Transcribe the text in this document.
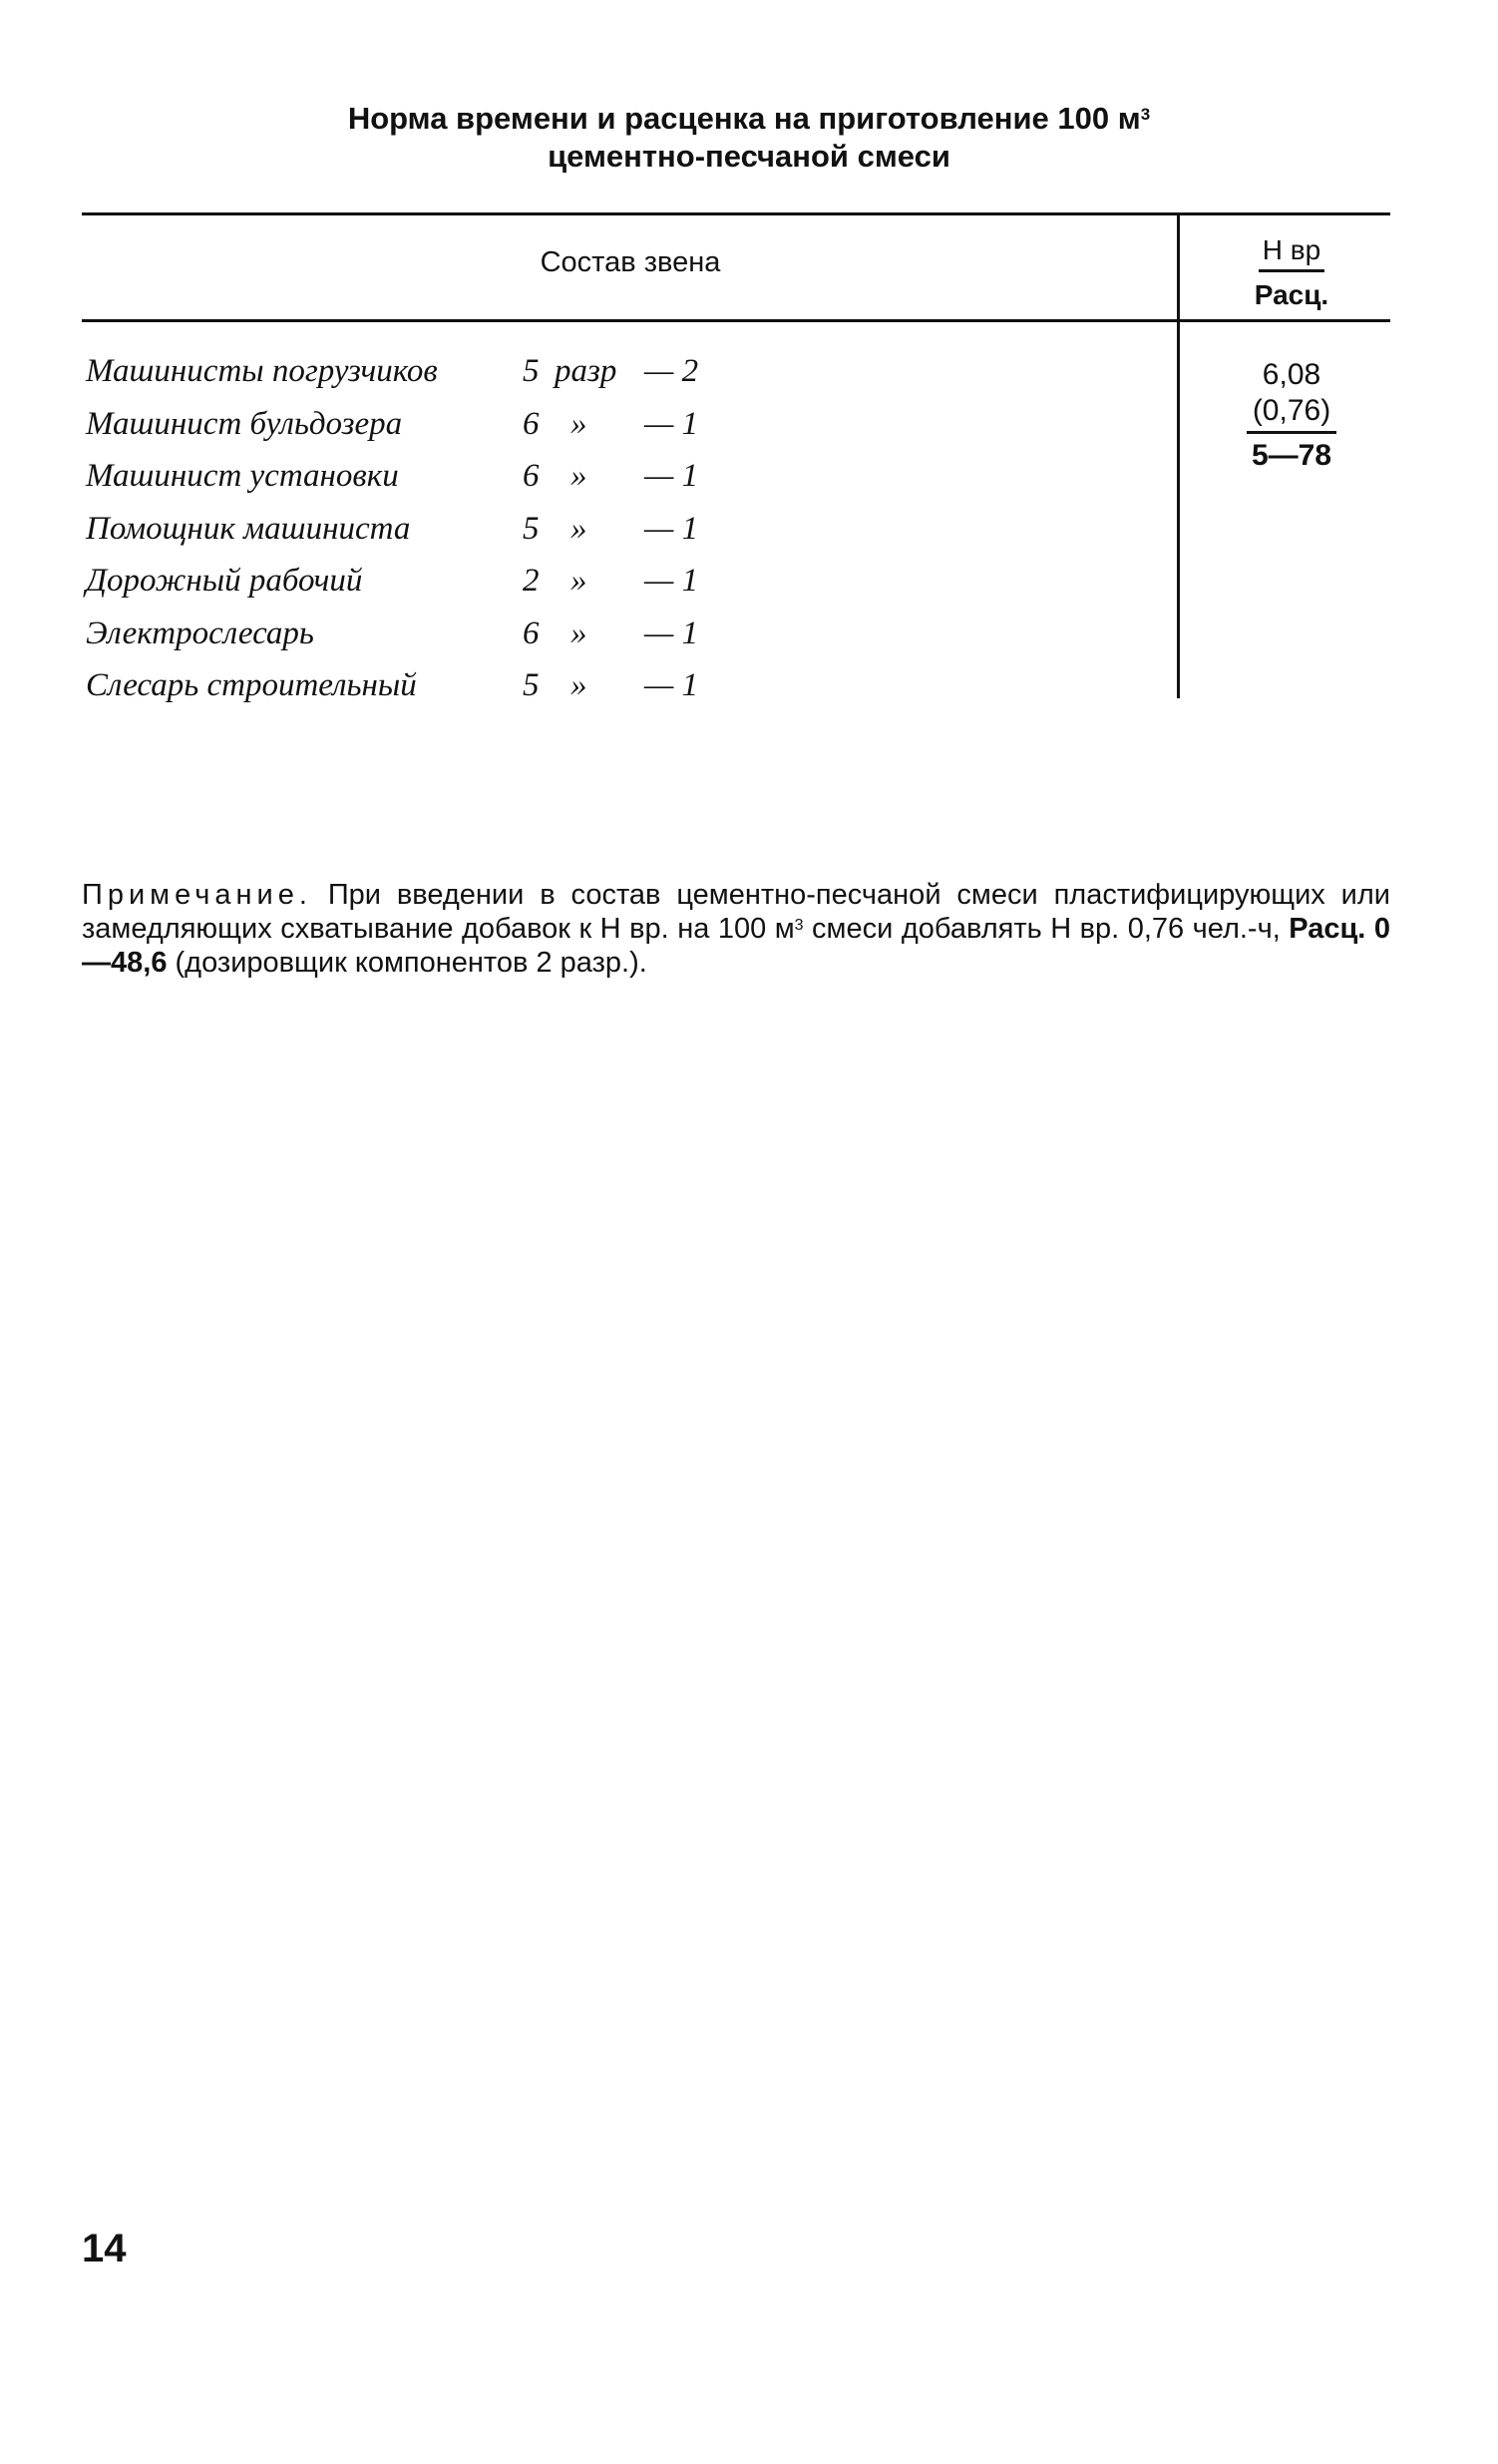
Норма времени и расценка на приготовление 100 $м^3$
цементно-песчаной смеси
Состав звена	Н вр
Расц.
Машинисты погрузчиков	5 разр — 2
Машинист бульдозера	6 » — 1
Машинист установки	6 » — 1
Помощник машиниста	5 » — 1
Дорожный рабочий	2 » — 1
Электрослесарь	6 » — 1
Слесарь строительный	5 » — 1
6,08
(0,76)
5—78
Примечание. При введении в состав цементно-песчаной смеси пластифицирующих или замедляющих схватывание добавок к Н вр. на 100 $м^3$ смеси добавлять Н вр. 0,76 чел.-ч, Расц. 0—48,6 (дозировщик компонентов 2 разр.).
14
